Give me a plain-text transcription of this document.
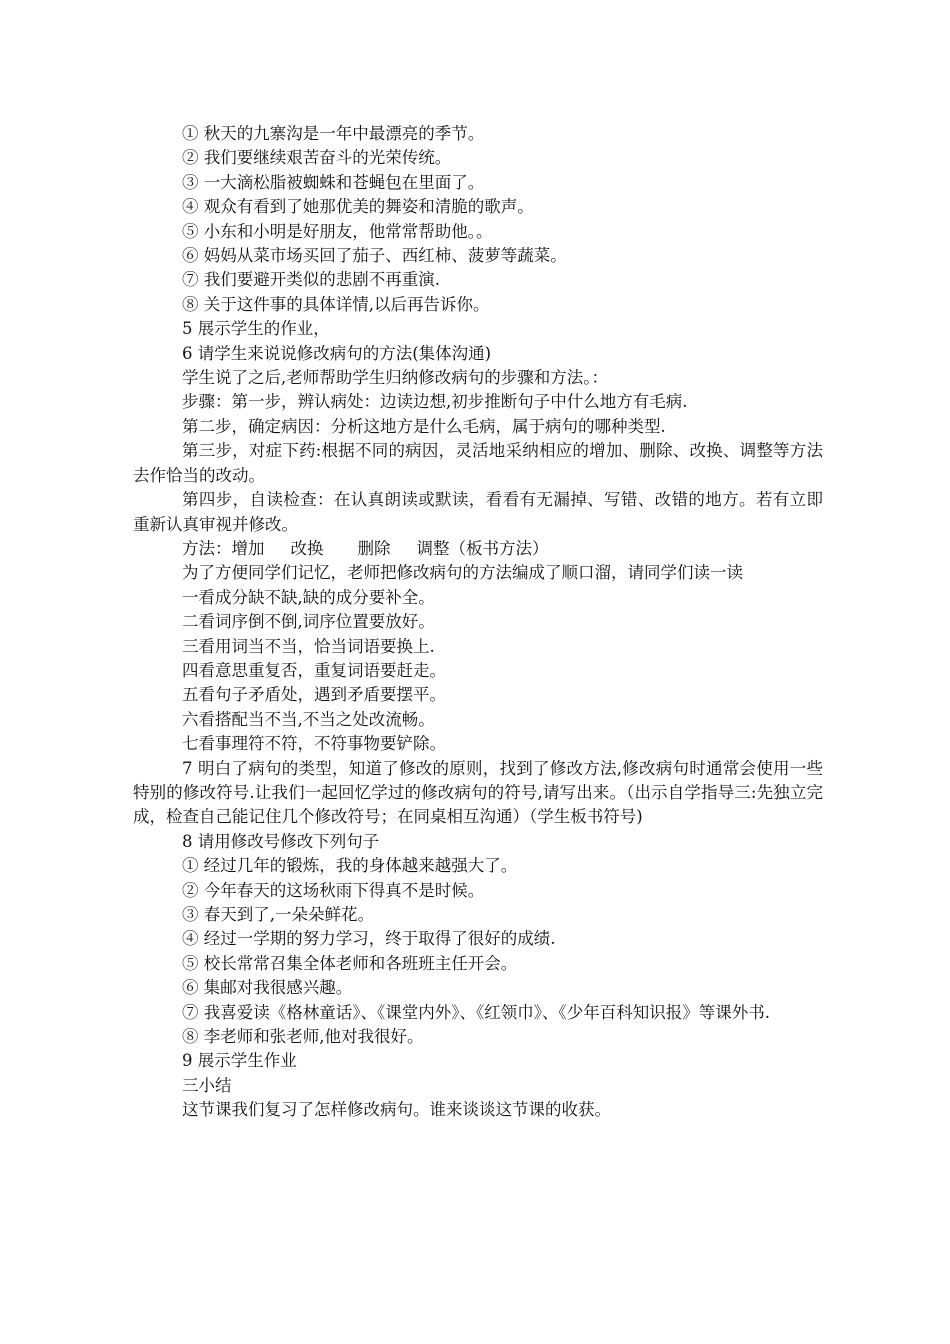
① 秋天的九寨沟是一年中最漂亮的季节。

② 我们要继续艰苦奋斗的光荣传统。

③ 一大滴松脂被蜘蛛和苍蝇包在里面了。

④ 观众有看到了她那优美的舞姿和清脆的歌声。

⑤ 小东和小明是好朋友，他常常帮助他。。

⑥ 妈妈从菜市场买回了茄子、西红柿、菠萝等蔬菜。

⑦ 我们要避开类似的悲剧不再重演.

⑧ 关于这件事的具体详情,以后再告诉你。

5 展示学生的作业，

6 请学生来说说修改病句的方法(集体沟通)

学生说了之后,老师帮助学生归纳修改病句的步骤和方法。：

步骤：第一步，辨认病处：边读边想,初步推断句子中什么地方有毛病.

第二步，确定病因：分析这地方是什么毛病，属于病句的哪种类型.

第三步，对症下药:根据不同的病因，灵活地采纳相应的增加、删除、改换、调整等方法去作恰当的改动。

第四步，自读检查：在认真朗读或默读，看看有无漏掉、写错、改错的地方。若有立即重新认真审视并修改。

方法：增加 改换 删除 调整（板书方法）

为了方便同学们记忆，老师把修改病句的方法编成了顺口溜，请同学们读一读

一看成分缺不缺,缺的成分要补全。

二看词序倒不倒,词序位置要放好。

三看用词当不当，恰当词语要换上.

四看意思重复否，重复词语要赶走。

五看句子矛盾处，遇到矛盾要摆平。

六看搭配当不当,不当之处改流畅。

七看事理符不符，不符事物要铲除。

7 明白了病句的类型，知道了修改的原则，找到了修改方法,修改病句时通常会使用一些特别的修改符号.让我们一起回忆学过的修改病句的符号,请写出来。（出示自学指导三:先独立完成，检查自己能记住几个修改符号；在同桌相互沟通）（学生板书符号)

8 请用修改号修改下列句子

① 经过几年的锻炼，我的身体越来越强大了。

② 今年春天的这场秋雨下得真不是时候。

③ 春天到了,一朵朵鲜花。

④ 经过一学期的努力学习，终于取得了很好的成绩.

⑤ 校长常常召集全体老师和各班班主任开会。

⑥ 集邮对我很感兴趣。

⑦ 我喜爱读《格林童话》、《课堂内外》、《红领巾》、《少年百科知识报》等课外书.

⑧ 李老师和张老师,他对我很好。

9 展示学生作业

三小结

这节课我们复习了怎样修改病句。谁来谈谈这节课的收获。
